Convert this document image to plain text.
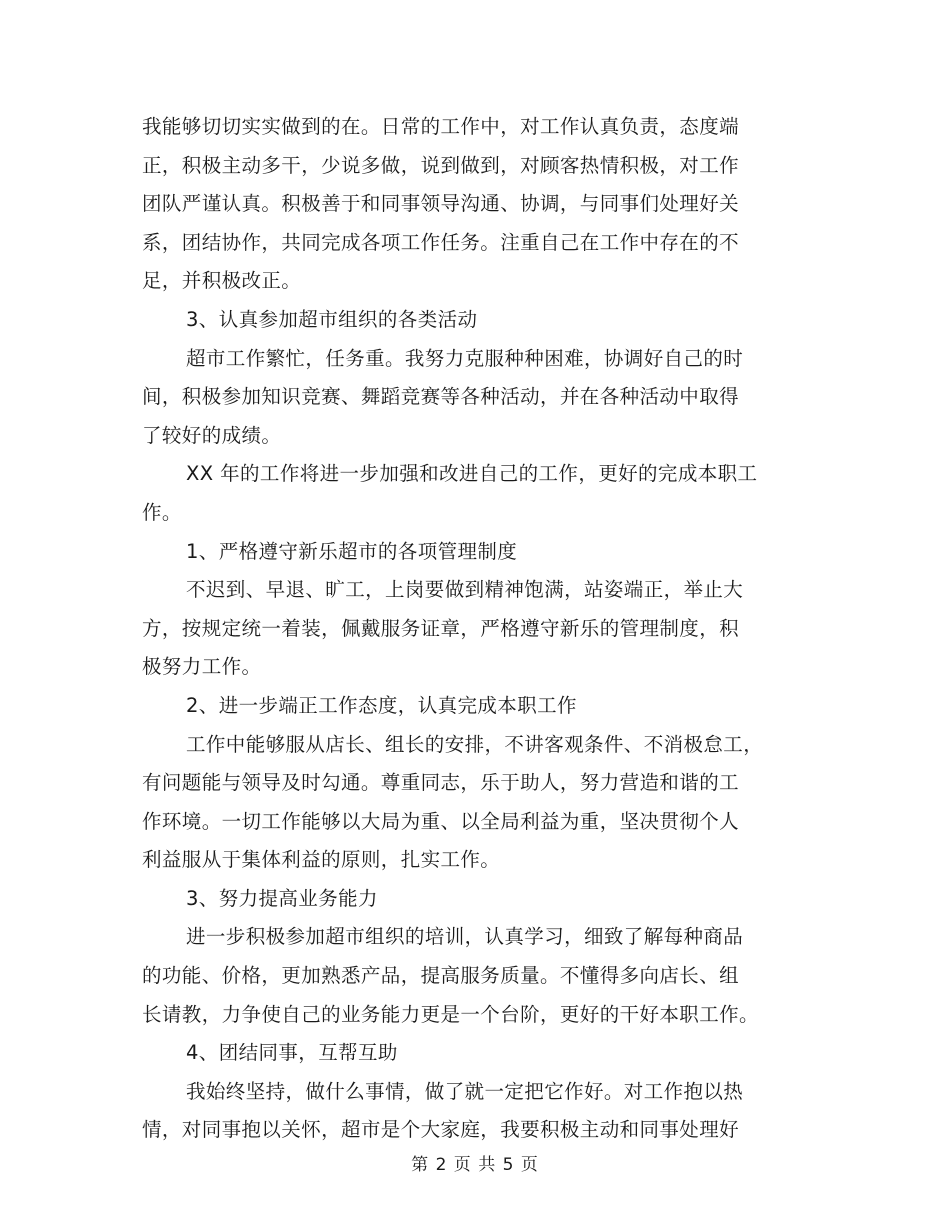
我能够切切实实做到的在。日常的工作中，对工作认真负责，态度端
正，积极主动多干，少说多做，说到做到，对顾客热情积极，对工作
团队严谨认真。积极善于和同事领导沟通、协调，与同事们处理好关
系，团结协作，共同完成各项工作任务。注重自己在工作中存在的不
足，并积极改正。
3、认真参加超市组织的各类活动
超市工作繁忙，任务重。我努力克服种种困难，协调好自己的时
间，积极参加知识竞赛、舞蹈竞赛等各种活动，并在各种活动中取得
了较好的成绩。
XX 年的工作将进一步加强和改进自己的工作，更好的完成本职工
作。
1、严格遵守新乐超市的各项管理制度
不迟到、早退、旷工，上岗要做到精神饱满，站姿端正，举止大
方，按规定统一着装，佩戴服务证章，严格遵守新乐的管理制度，积
极努力工作。
2、进一步端正工作态度，认真完成本职工作
工作中能够服从店长、组长的安排，不讲客观条件、不消极怠工，
有问题能与领导及时勾通。尊重同志，乐于助人，努力营造和谐的工
作环境。一切工作能够以大局为重、以全局利益为重，坚决贯彻个人
利益服从于集体利益的原则，扎实工作。
3、努力提高业务能力
进一步积极参加超市组织的培训，认真学习，细致了解每种商品
的功能、价格，更加熟悉产品，提高服务质量。不懂得多向店长、组
长请教，力争使自己的业务能力更是一个台阶，更好的干好本职工作。
4、团结同事，互帮互助
我始终坚持，做什么事情，做了就一定把它作好。对工作抱以热
情，对同事抱以关怀，超市是个大家庭，我要积极主动和同事处理好
第 2 页 共 5 页
